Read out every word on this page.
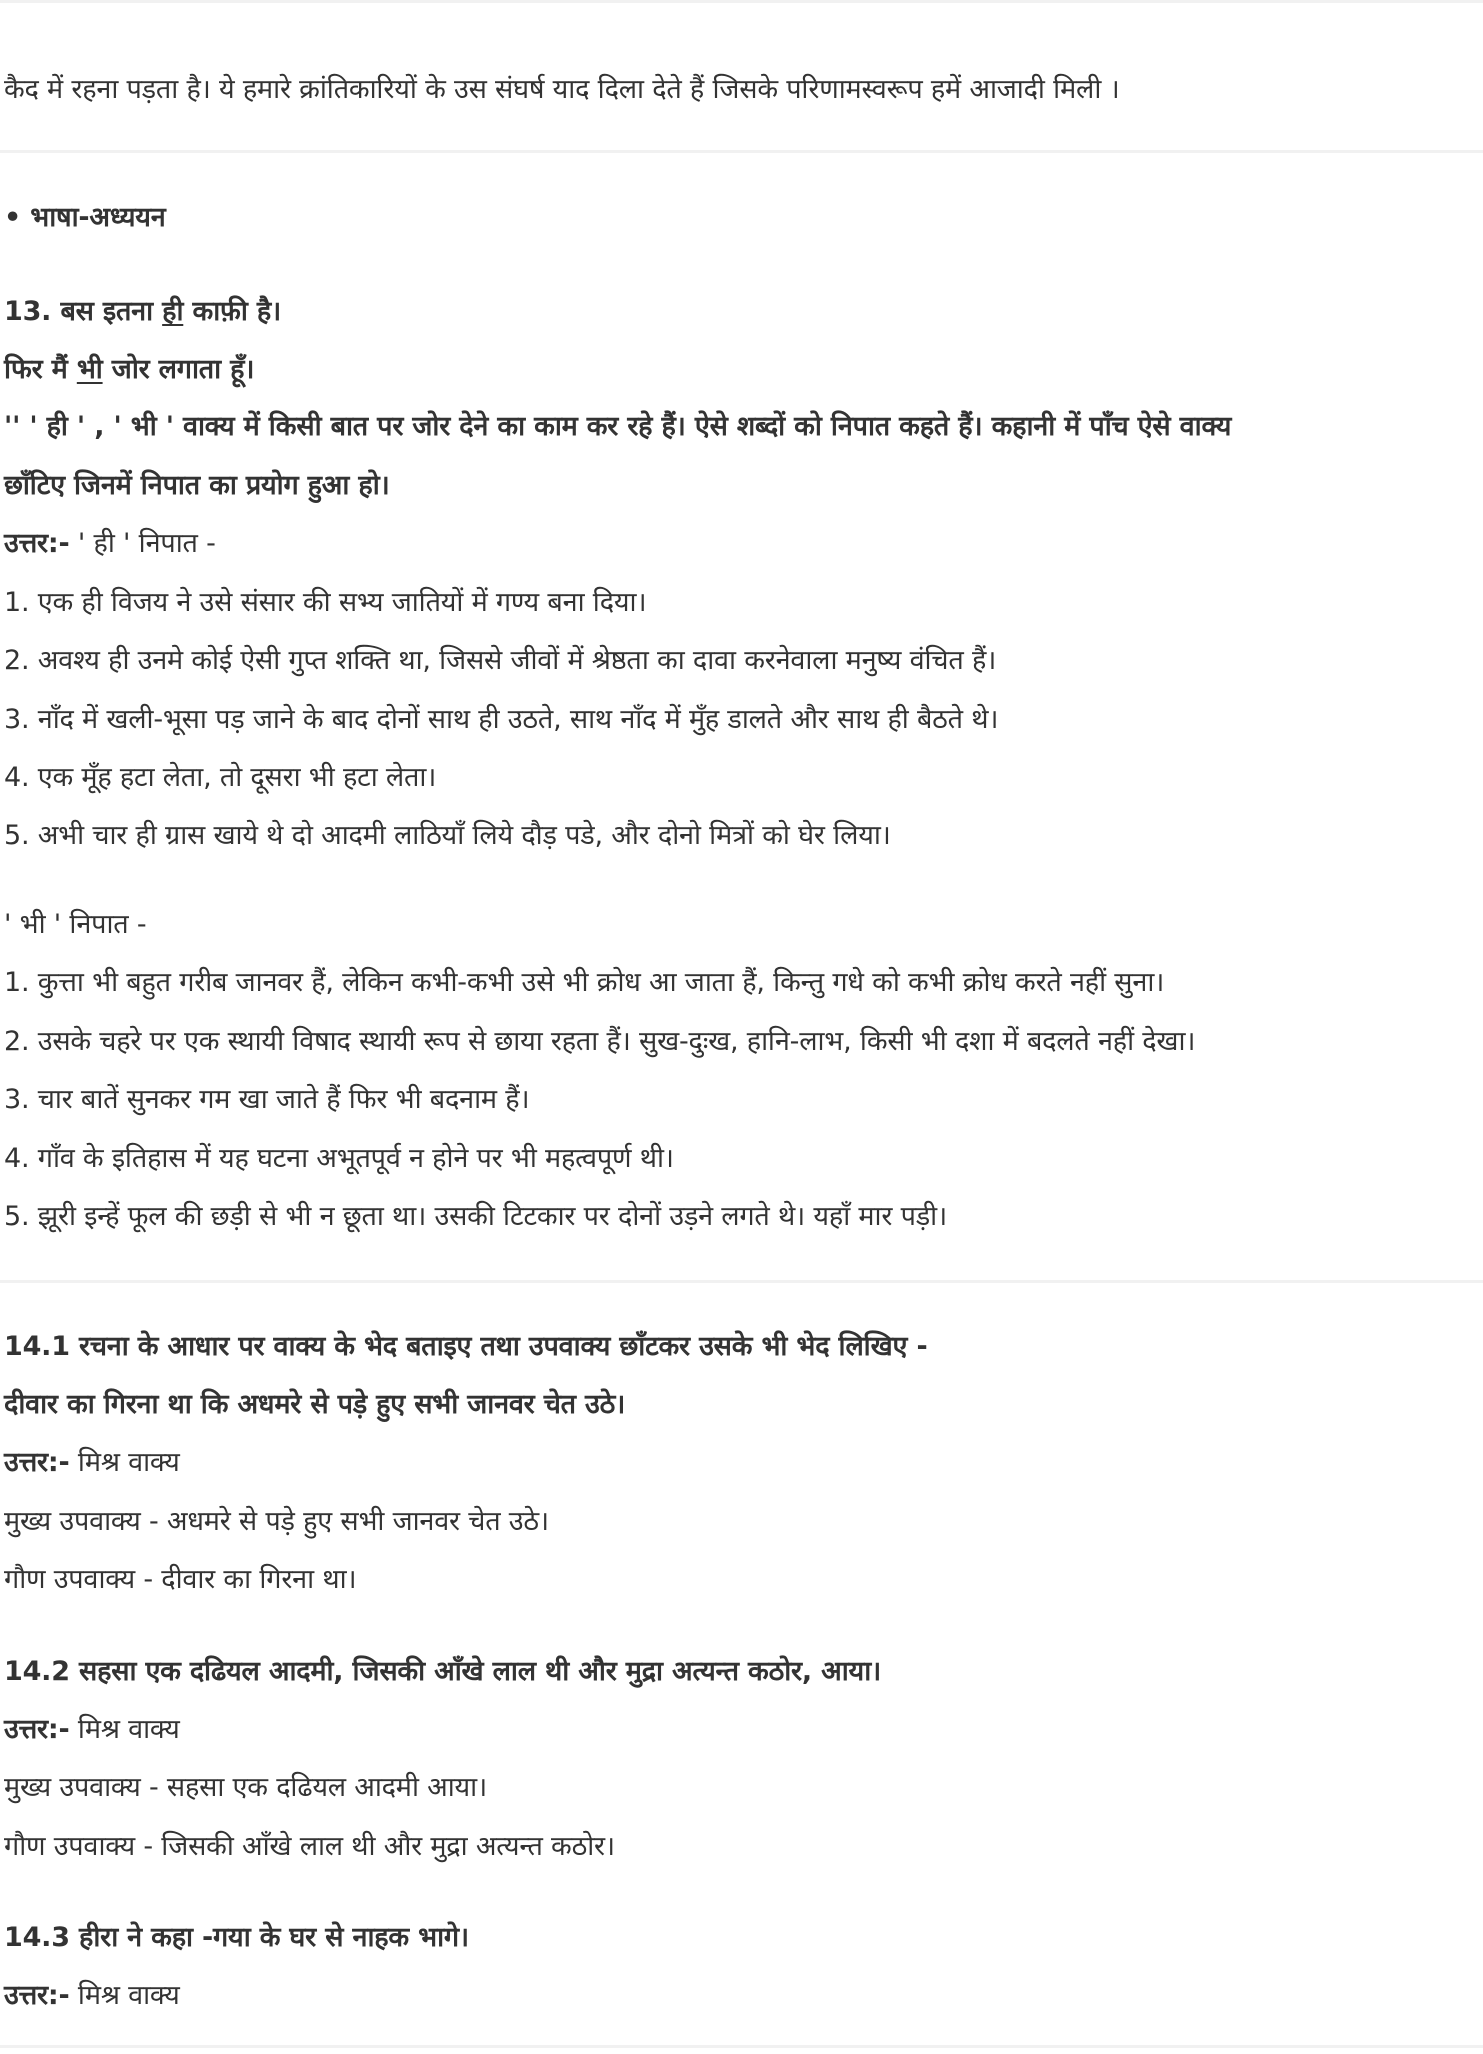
कैद में रहना पड़ता है। ये हमारे क्रांतिकारियों के उस संघर्ष याद दिला देते हैं जिसके परिणामस्वरूप हमें आजादी मिली ।
• भाषा-अध्ययन
13. बस इतना ही काफ़ी है।
फिर मैं भी जोर लगाता हूँ।
'' ' ही ' , ' भी ' वाक्य में किसी बात पर जोर देने का काम कर रहे हैं। ऐसे शब्दों को निपात कहते हैं। कहानी में पाँच ऐसे वाक्य
छाँटिए जिनमें निपात का प्रयोग हुआ हो।
उत्तर:- ' ही ' निपात -
1. एक ही विजय ने उसे संसार की सभ्य जातियों में गण्य बना दिया।
2. अवश्य ही उनमे कोई ऐसी गुप्त शक्ति था, जिससे जीवों में श्रेष्ठता का दावा करनेवाला मनुष्य वंचित हैं।
3. नाँद में खली-भूसा पड़ जाने के बाद दोनों साथ ही उठते, साथ नाँद में मुँह डालते और साथ ही बैठते थे।
4. एक मूँह हटा लेता, तो दूसरा भी हटा लेता।
5. अभी चार ही ग्रास खाये थे दो आदमी लाठियाँ लिये दौड़ पडे, और दोनो मित्रों को घेर लिया।
' भी ' निपात -
1. कुत्ता भी बहुत गरीब जानवर हैं, लेकिन कभी-कभी उसे भी क्रोध आ जाता हैं, किन्तु गधे को कभी क्रोध करते नहीं सुना।
2. उसके चहरे पर एक स्थायी विषाद स्थायी रूप से छाया रहता हैं। सुख-दुःख, हानि-लाभ, किसी भी दशा में बदलते नहीं देखा।
3. चार बातें सुनकर गम खा जाते हैं फिर भी बदनाम हैं।
4. गाँव के इतिहास में यह घटना अभूतपूर्व न होने पर भी महत्वपूर्ण थी।
5. झूरी इन्हें फूल की छड़ी से भी न छूता था। उसकी टिटकार पर दोनों उड़ने लगते थे। यहाँ मार पड़ी।
14.1 रचना के आधार पर वाक्य के भेद बताइए तथा उपवाक्य छाँटकर उसके भी भेद लिखिए -
दीवार का गिरना था कि अधमरे से पड़े हुए सभी जानवर चेत उठे।
उत्तर:- मिश्र वाक्य
मुख्य उपवाक्य - अधमरे से पड़े हुए सभी जानवर चेत उठे।
गौण उपवाक्य - दीवार का गिरना था।
14.2 सहसा एक दढियल आदमी, जिसकी आँखे लाल थी और मुद्रा अत्यन्त कठोर, आया।
उत्तर:- मिश्र वाक्य
मुख्य उपवाक्य - सहसा एक दढियल आदमी आया।
गौण उपवाक्य - जिसकी आँखे लाल थी और मुद्रा अत्यन्त कठोर।
14.3 हीरा ने कहा -गया के घर से नाहक भागे।
उत्तर:- मिश्र वाक्य
